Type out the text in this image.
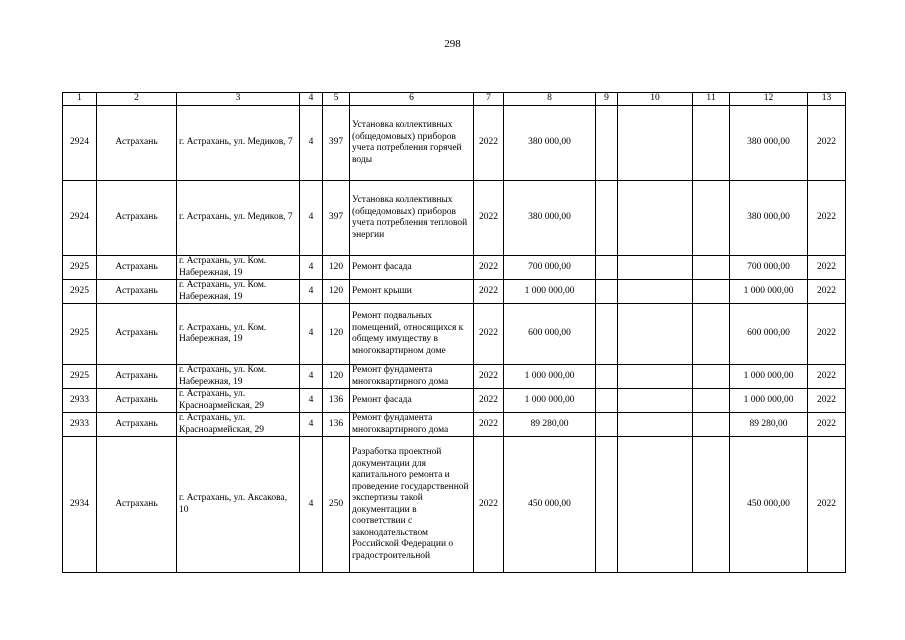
298
1	2	3	4	5	6	7	8	9	10	11	12	13
2924	Астрахань	г. Астрахань, ул. Медиков, 7	4	397	Установка коллективных (общедомовых) приборов учета потребления горячей воды	2022	380 000,00				380 000,00	2022
2924	Астрахань	г. Астрахань, ул. Медиков, 7	4	397	Установка коллективных (общедомовых) приборов учета потребления тепловой энергии	2022	380 000,00				380 000,00	2022
2925	Астрахань	г. Астрахань, ул. Ком. Набережная, 19	4	120	Ремонт фасада	2022	700 000,00				700 000,00	2022
2925	Астрахань	г. Астрахань, ул. Ком. Набережная, 19	4	120	Ремонт крыши	2022	1 000 000,00				1 000 000,00	2022
2925	Астрахань	г. Астрахань, ул. Ком. Набережная, 19	4	120	Ремонт подвальных помещений, относящихся к общему имуществу в многоквартирном доме	2022	600 000,00				600 000,00	2022
2925	Астрахань	г. Астрахань, ул. Ком. Набережная, 19	4	120	Ремонт фундамента многоквартирного дома	2022	1 000 000,00				1 000 000,00	2022
2933	Астрахань	г. Астрахань, ул. Красноармейская, 29	4	136	Ремонт фасада	2022	1 000 000,00				1 000 000,00	2022
2933	Астрахань	г. Астрахань, ул. Красноармейская, 29	4	136	Ремонт фундамента многоквартирного дома	2022	89 280,00				89 280,00	2022
2934	Астрахань	г. Астрахань, ул. Аксакова, 10	4	250	Разработка проектной документации для капитального ремонта и проведение государственной экспертизы такой документации в соответствии с законодательством Российской Федерации о градостроительной	2022	450 000,00				450 000,00	2022
